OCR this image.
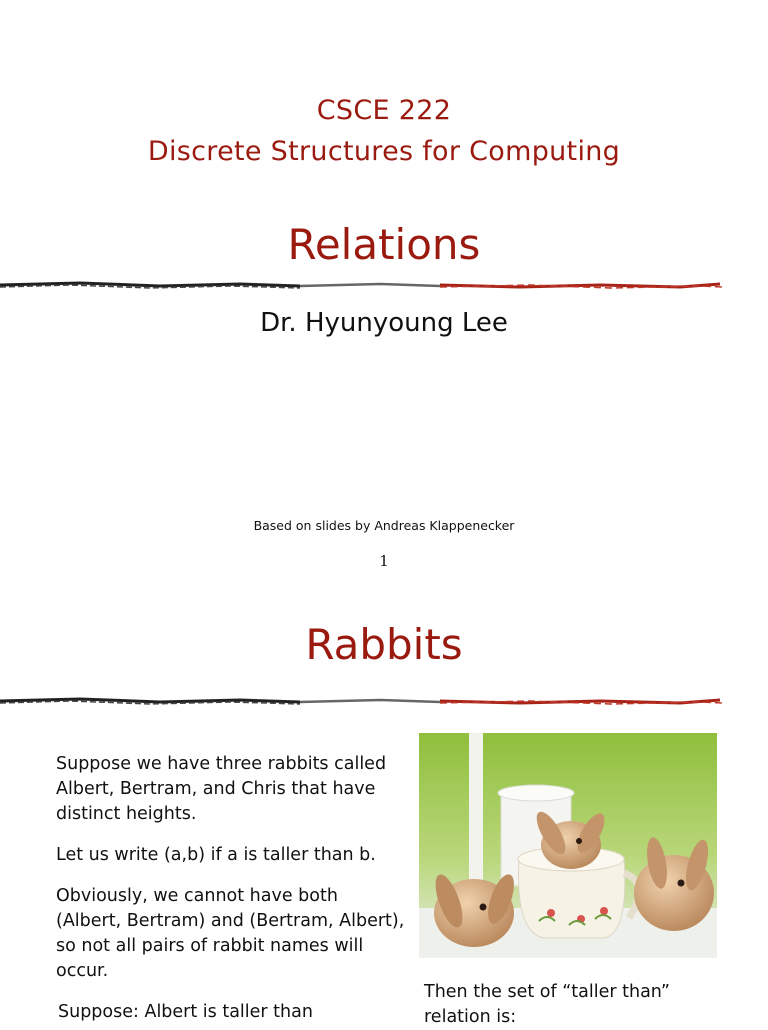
CSCE 222
Discrete Structures for Computing
Relations
Dr. Hyunyoung Lee
Based on slides by Andreas Klappenecker
1
Rabbits

Suppose we have three rabbits called Albert, Bertram, and Chris that have distinct heights.

Let us write (a,b) if a is taller than b.

Obviously, we cannot have both (Albert, Bertram) and (Bertram, Albert), so not all pairs of rabbit names will occur.

Suppose: Albert is taller than

Then the set of “taller than” relation is:
